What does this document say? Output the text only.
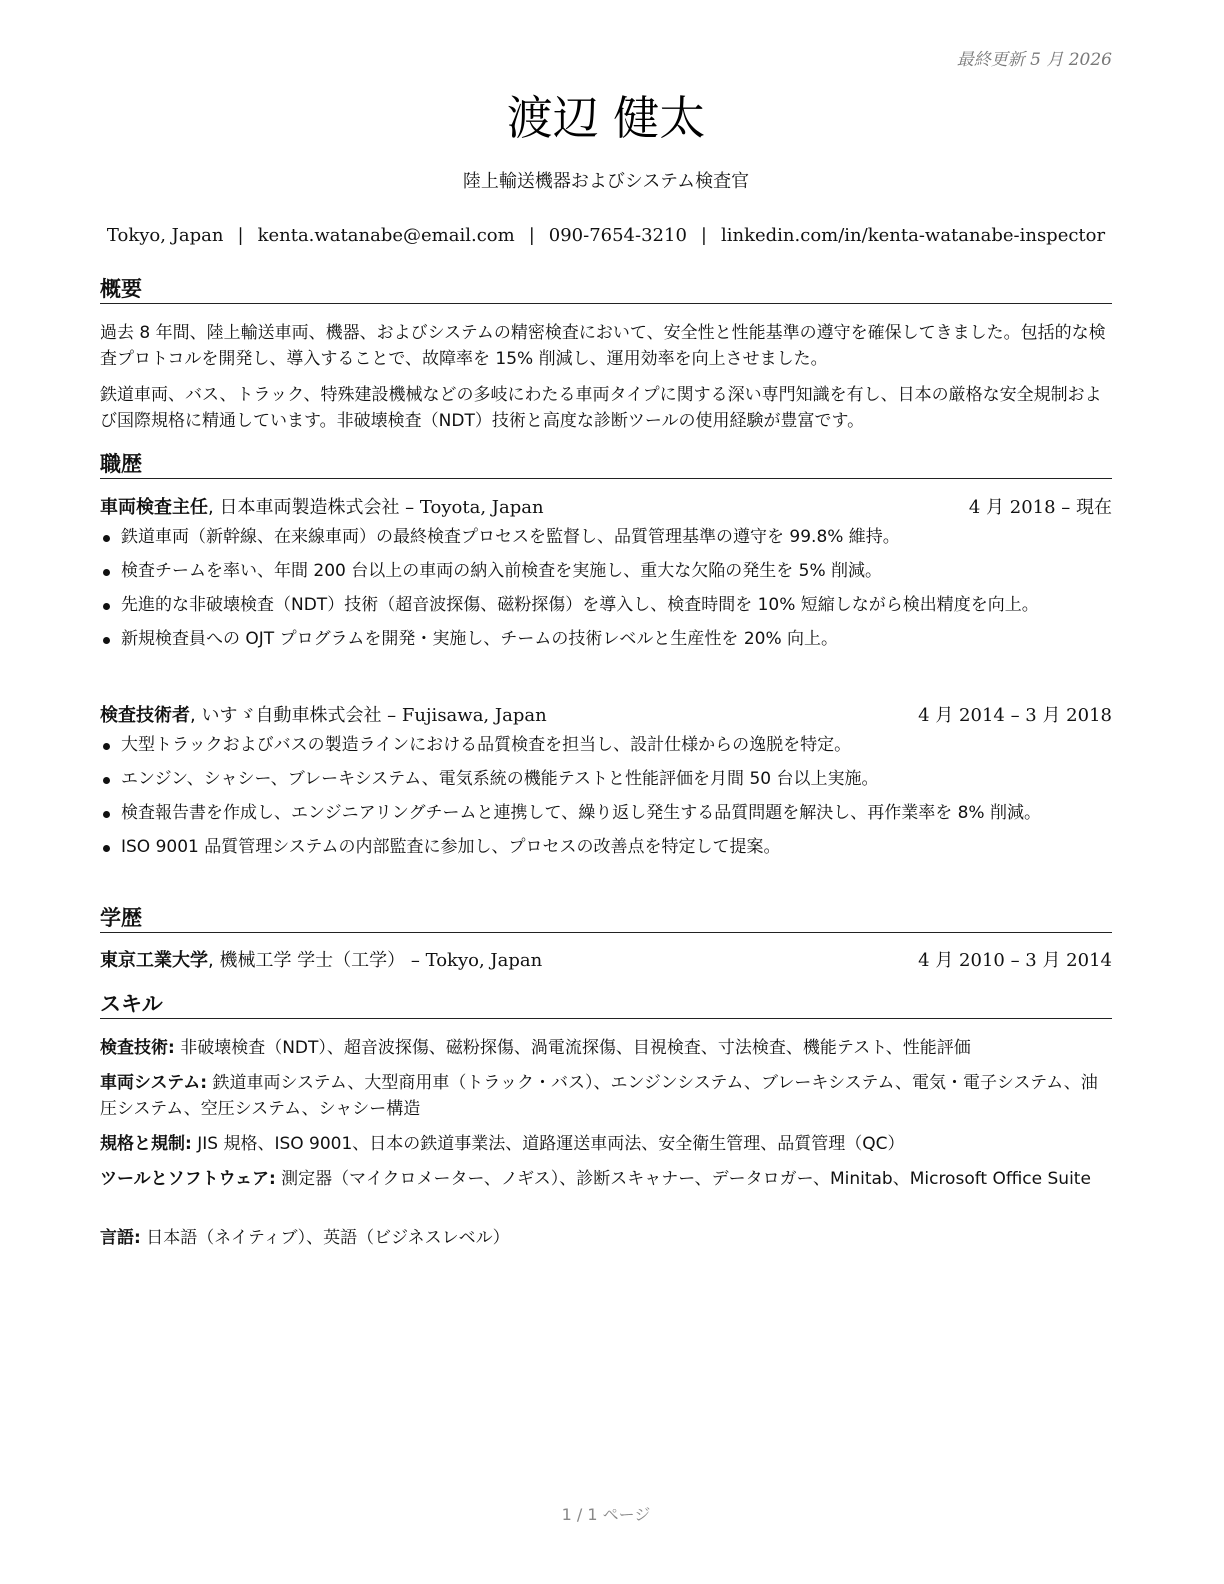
最終更新 5 月 2026
渡辺 健太
陸上輸送機器およびシステム検査官
Tokyo, Japan | kenta.watanabe@email.com | 090-7654-3210 | linkedin.com/in/kenta-watanabe-inspector
概要

過去 8 年間、陸上輸送車両、機器、およびシステムの精密検査において、安全性と性能基準の遵守を確保してきました。包括的な検査プロトコルを開発し、導入することで、故障率を 15% 削減し、運用効率を向上させました。

鉄道車両、バス、トラック、特殊建設機械などの多岐にわたる車両タイプに関する深い専門知識を有し、日本の厳格な安全規制および国際規格に精通しています。非破壊検査（NDT）技術と高度な診断ツールの使用経験が豊富です。

職歴
車両検査主任, 日本車両製造株式会社 – Toyota, Japan	4 月 2018 – 現在
鉄道車両（新幹線、在来線車両）の最終検査プロセスを監督し、品質管理基準の遵守を 99.8% 維持。
検査チームを率い、年間 200 台以上の車両の納入前検査を実施し、重大な欠陥の発生を 5% 削減。
先進的な非破壊検査（NDT）技術（超音波探傷、磁粉探傷）を導入し、検査時間を 10% 短縮しながら検出精度を向上。
新規検査員への OJT プログラムを開発・実施し、チームの技術レベルと生産性を 20% 向上。
検査技術者, いすゞ自動車株式会社 – Fujisawa, Japan	4 月 2014 – 3 月 2018
大型トラックおよびバスの製造ラインにおける品質検査を担当し、設計仕様からの逸脱を特定。
エンジン、シャシー、ブレーキシステム、電気系統の機能テストと性能評価を月間 50 台以上実施。
検査報告書を作成し、エンジニアリングチームと連携して、繰り返し発生する品質問題を解決し、再作業率を 8% 削減。
ISO 9001 品質管理システムの内部監査に参加し、プロセスの改善点を特定して提案。
学歴
東京工業大学, 機械工学 学士（工学） – Tokyo, Japan	4 月 2010 – 3 月 2014
スキル

検査技術: 非破壊検査（NDT）、超音波探傷、磁粉探傷、渦電流探傷、目視検査、寸法検査、機能テスト、性能評価

車両システム: 鉄道車両システム、大型商用車（トラック・バス）、エンジンシステム、ブレーキシステム、電気・電子システム、油圧システム、空圧システム、シャシー構造

規格と規制: JIS 規格、ISO 9001、日本の鉄道事業法、道路運送車両法、安全衛生管理、品質管理（QC）

ツールとソフトウェア: 測定器（マイクロメーター、ノギス）、診断スキャナー、データロガー、Minitab、Microsoft Office Suite

言語: 日本語（ネイティブ）、英語（ビジネスレベル）

1 / 1 ページ
